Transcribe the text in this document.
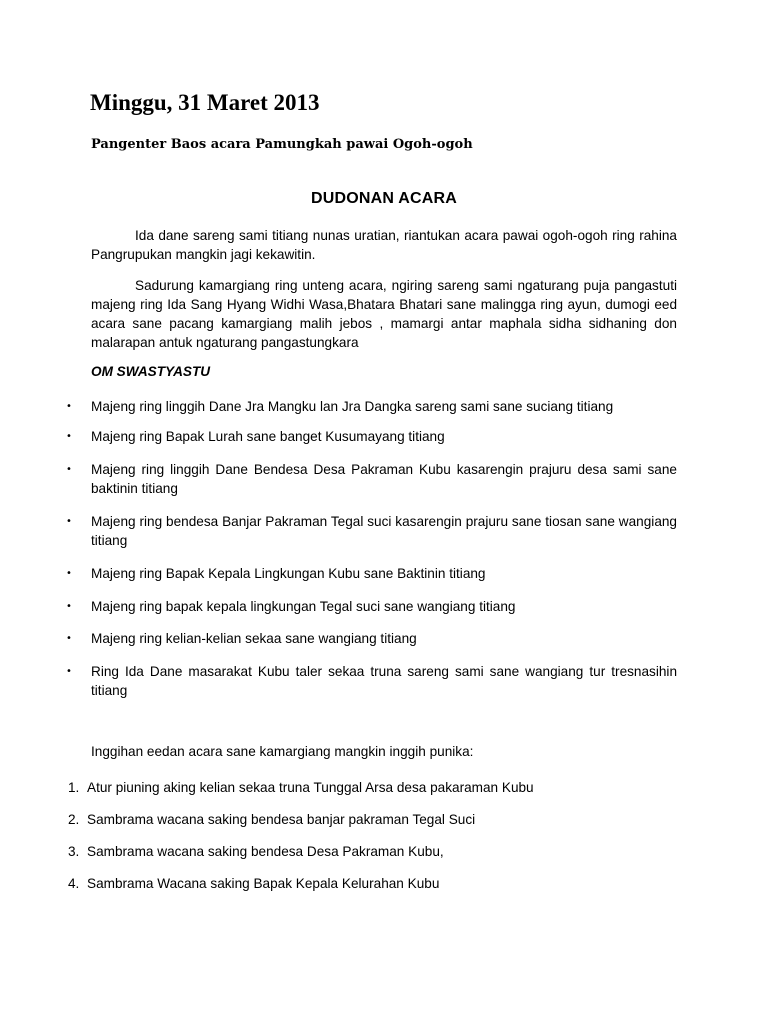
Minggu, 31 Maret 2013

Pangenter Baos acara Pamungkah pawai Ogoh-ogoh

DUDONAN ACARA

Ida dane sareng sami titiang nunas uratian, riantukan acara pawai ogoh-ogoh ring rahina Pangrupukan mangkin jagi kekawitin.

Sadurung kamargiang ring unteng acara, ngiring sareng sami ngaturang puja pangastuti majeng ring Ida Sang Hyang Widhi Wasa,Bhatara Bhatari sane malingga ring ayun, dumogi eed acara sane pacang kamargiang malih jebos , mamargi antar maphala sidha sidhaning don malarapan antuk ngaturang pangastungkara

OM SWASTYASTU

• Majeng ring linggih Dane Jra Mangku lan Jra Dangka sareng sami sane suciang titiang
• Majeng ring Bapak Lurah sane banget Kusumayang titiang
• Majeng ring linggih Dane Bendesa Desa Pakraman Kubu kasarengin prajuru desa sami sane baktinin titiang
• Majeng ring bendesa Banjar Pakraman Tegal suci kasarengin prajuru sane tiosan sane wangiang titiang
• Majeng ring Bapak Kepala Lingkungan Kubu sane Baktinin titiang
• Majeng ring bapak kepala lingkungan Tegal suci sane wangiang titiang
• Majeng ring kelian-kelian sekaa sane wangiang titiang
• Ring Ida Dane masarakat Kubu taler sekaa truna sareng sami sane wangiang tur tresnasihin titiang

Inggihan eedan acara sane kamargiang mangkin inggih punika:

1. Atur piuning aking kelian sekaa truna Tunggal Arsa desa pakaraman Kubu
2. Sambrama wacana saking bendesa banjar pakraman Tegal Suci
3. Sambrama wacana saking bendesa Desa Pakraman Kubu,
4. Sambrama Wacana saking Bapak Kepala Kelurahan Kubu
